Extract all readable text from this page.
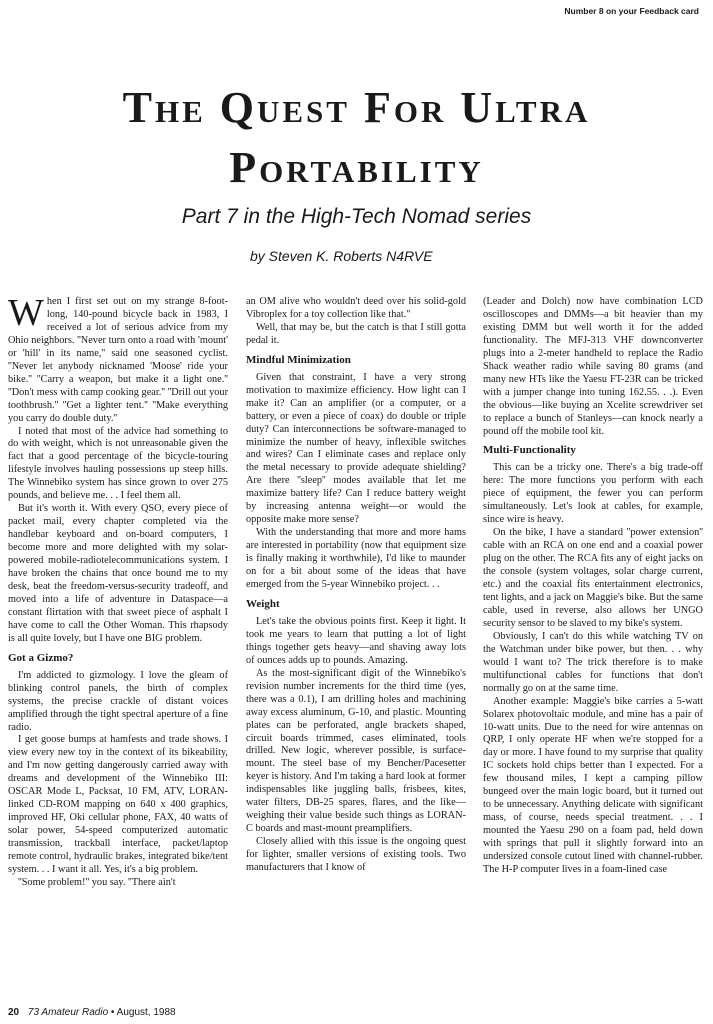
Number 8 on your Feedback card
The Quest For Ultra
Portability
Part 7 in the High-Tech Nomad series
by Steven K. Roberts N4RVE

When I first set out on my strange 8-foot-long, 140-pound bicycle back in 1983, I received a lot of serious advice from my Ohio neighbors. ''Never turn onto a road with 'mount' or 'hill' in its name,'' said one seasoned cyclist. ''Never let anybody nicknamed 'Moose' ride your bike.'' ''Carry a weapon, but make it a light one.'' ''Don't mess with camp cooking gear.'' ''Drill out your toothbrush.'' ''Get a lighter tent.'' ''Make everything you carry do double duty.''

I noted that most of the advice had something to do with weight, which is not unreasonable given the fact that a good percentage of the bicycle-touring lifestyle involves hauling possessions up steep hills. The Winnebiko system has since grown to over 275 pounds, and believe me. . . I feel them all.

But it's worth it. With every QSO, every piece of packet mail, every chapter completed via the handlebar keyboard and on-board computers, I become more and more delighted with my solar-powered mobile-radiotelecommunications system. I have broken the chains that once bound me to my desk, beat the freedom-versus-security tradeoff, and moved into a life of adventure in Dataspace—a constant flirtation with that sweet piece of asphalt I have come to call the Other Woman. This rhapsody is all quite lovely, but I have one BIG problem.

Got a Gizmo?

I'm addicted to gizmology. I love the gleam of blinking control panels, the birth of complex systems, the precise crackle of distant voices amplified through the tight spectral aperture of a fine radio.

I get goose bumps at hamfests and trade shows. I view every new toy in the context of its bikeability, and I'm now getting dangerously carried away with dreams and development of the Winnebiko III: OSCAR Mode L, Packsat, 10 FM, ATV, LORAN-linked CD-ROM mapping on 640 x 400 graphics, improved HF, Oki cellular phone, FAX, 40 watts of solar power, 54-speed computerized automatic transmission, trackball interface, packet/laptop remote control, hydraulic brakes, integrated bike/tent system. . . I want it all. Yes, it's a big problem.

''Some problem!'' you say. ''There ain't

an OM alive who wouldn't deed over his solid-gold Vibroplex for a toy collection like that.''

Well, that may be, but the catch is that I still gotta pedal it.

Mindful Minimization

Given that constraint, I have a very strong motivation to maximize efficiency. How light can I make it? Can an amplifier (or a computer, or a battery, or even a piece of coax) do double or triple duty? Can interconnections be software-managed to minimize the number of heavy, inflexible switches and wires? Can I eliminate cases and replace only the metal necessary to provide adequate shielding? Are there ''sleep'' modes available that let me maximize battery life? Can I reduce battery weight by increasing antenna weight—or would the opposite make more sense?

With the understanding that more and more hams are interested in portability (now that equipment size is finally making it worthwhile), I'd like to maunder on for a bit about some of the ideas that have emerged from the 5-year Winnebiko project. . .

Weight

Let's take the obvious points first. Keep it light. It took me years to learn that putting a lot of light things together gets heavy—and shaving away lots of ounces adds up to pounds. Amazing.

As the most-significant digit of the Winnebiko's revision number increments for the third time (yes, there was a 0.1), I am drilling holes and machining away excess aluminum, G-10, and plastic. Mounting plates can be perforated, angle brackets shaped, circuit boards trimmed, cases eliminated, tools drilled. New logic, wherever possible, is surface-mount. The steel base of my Bencher/Pacesetter keyer is history. And I'm taking a hard look at former indispensables like juggling balls, frisbees, kites, water filters, DB-25 spares, flares, and the like—weighing their value beside such things as LORAN-C boards and mast-mount preamplifiers.

Closely allied with this issue is the ongoing quest for lighter, smaller versions of existing tools. Two manufacturers that I know of

(Leader and Dolch) now have combination LCD oscilloscopes and DMMs—a bit heavier than my existing DMM but well worth it for the added functionality. The MFJ-313 VHF downconverter plugs into a 2-meter handheld to replace the Radio Shack weather radio while saving 80 grams (and many new HTs like the Yaesu FT-23R can be tricked with a jumper change into tuning 162.55. . .). Even the obvious—like buying an Xcelite screwdriver set to replace a bunch of Stanleys—can knock nearly a pound off the mobile tool kit.

Multi-Functionality

This can be a tricky one. There's a big trade-off here: The more functions you perform with each piece of equipment, the fewer you can perform simultaneously. Let's look at cables, for example, since wire is heavy.

On the bike, I have a standard ''power extension'' cable with an RCA on one end and a coaxial power plug on the other. The RCA fits any of eight jacks on the console (system voltages, solar charge current, etc.) and the coaxial fits entertainment electronics, tent lights, and a jack on Maggie's bike. But the same cable, used in reverse, also allows her UNGO security sensor to be slaved to my bike's system.

Obviously, I can't do this while watching TV on the Watchman under bike power, but then. . . why would I want to? The trick therefore is to make multifunctional cables for functions that don't normally go on at the same time.

Another example: Maggie's bike carries a 5-watt Solarex photovoltaic module, and mine has a pair of 10-watt units. Due to the need for wire antennas on QRP, I only operate HF when we're stopped for a day or more. I have found to my surprise that quality IC sockets hold chips better than I expected. For a few thousand miles, I kept a camping pillow bungeed over the main logic board, but it turned out to be unnecessary. Anything delicate with significant mass, of course, needs special treatment. . . I mounted the Yaesu 290 on a foam pad, held down with springs that pull it slightly forward into an undersized console cutout lined with channel-rubber. The H-P computer lives in a foam-lined case

20 73 Amateur Radio • August, 1988
